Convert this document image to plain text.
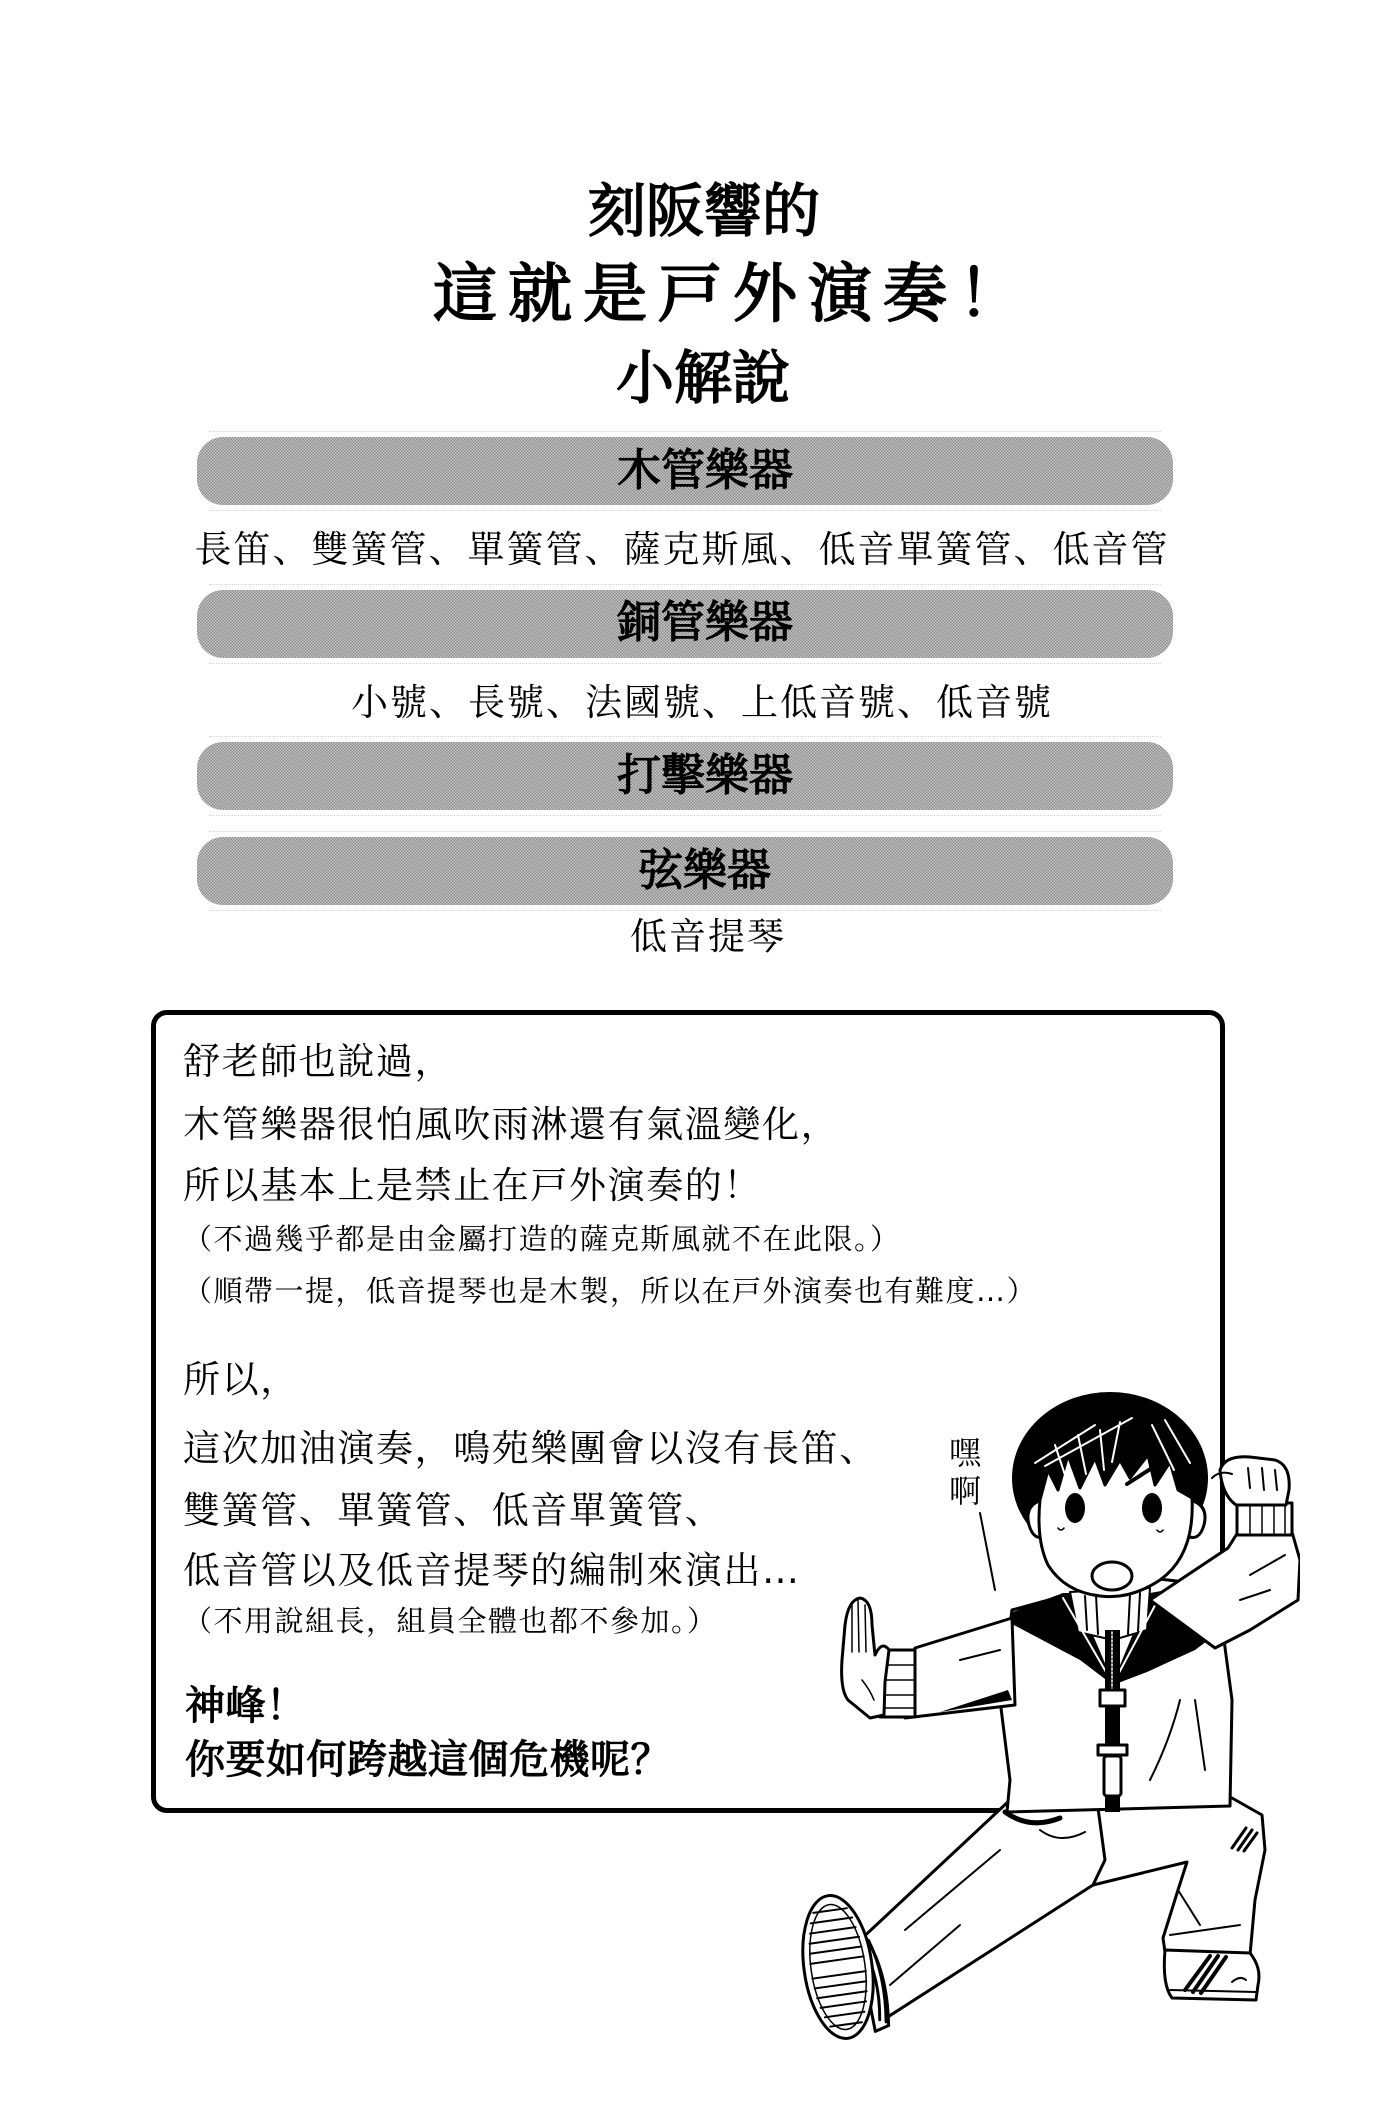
刻阪響的
這就是戸外演奏！
小解說
木管樂器
長笛、雙簧管、單簧管、薩克斯風、低音單簧管、低音管
銅管樂器
小號、長號、法國號、上低音號、低音號
打擊樂器
弦樂器
低音提琴
舒老師也說過，
木管樂器很怕風吹雨淋還有氣溫變化，
所以基本上是禁止在戸外演奏的！
（不過幾乎都是由金屬打造的薩克斯風就不在此限。）
（順帶一提，低音提琴也是木製，所以在戸外演奏也有難度…）
所以，
這次加油演奏，鳴苑樂團會以沒有長笛、
雙簧管、單簧管、低音單簧管、
低音管以及低音提琴的編制來演出…
（不用說組長，組員全體也都不參加。）
神峰！
你要如何跨越這個危機呢？
嘿啊
